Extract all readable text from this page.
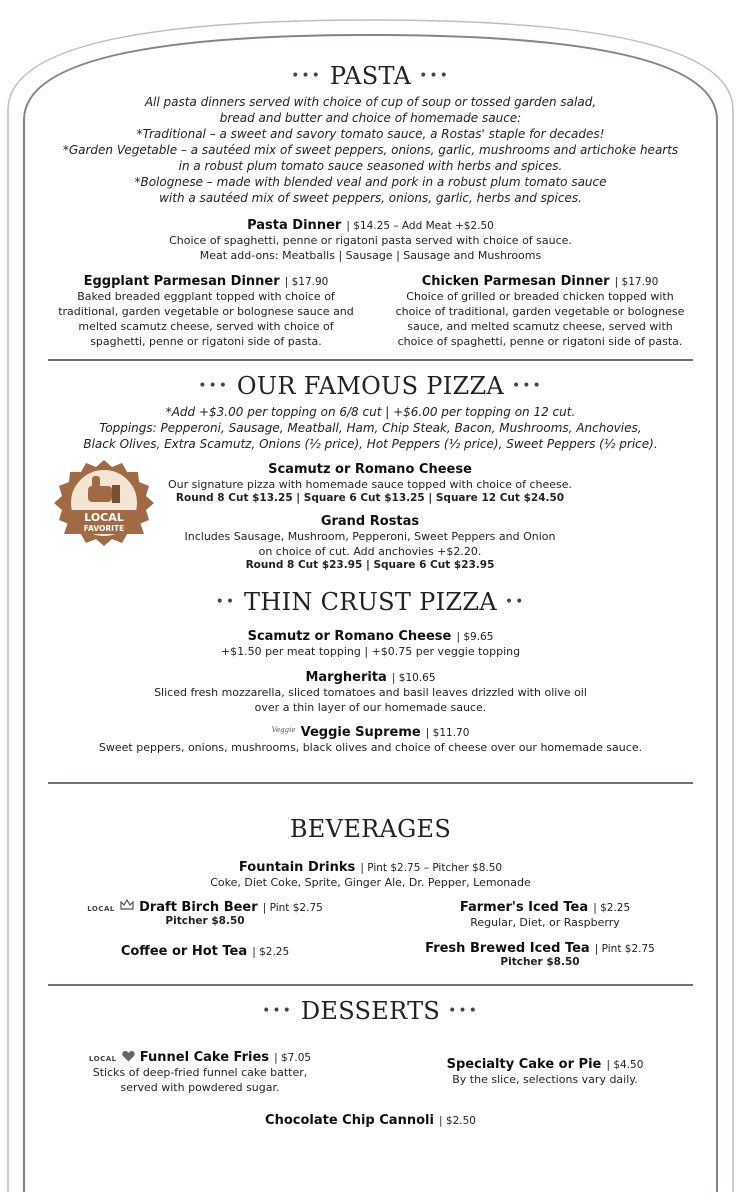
••• PASTA •••
All pasta dinners served with choice of cup of soup or tossed garden salad,
bread and butter and choice of homemade sauce:
*Traditional – a sweet and savory tomato sauce, a Rostas' staple for decades!
*Garden Vegetable – a sautéed mix of sweet peppers, onions, garlic, mushrooms and artichoke hearts
in a robust plum tomato sauce seasoned with herbs and spices.
*Bolognese – made with blended veal and pork in a robust plum tomato sauce
with a sautéed mix of sweet peppers, onions, garlic, herbs and spices.
Pasta Dinner | $14.25 – Add Meat +$2.50
Choice of spaghetti, penne or rigatoni pasta served with choice of sauce.
Meat add-ons: Meatballs | Sausage | Sausage and Mushrooms
Eggplant Parmesan Dinner | $17.90
Baked breaded eggplant topped with choice of
traditional, garden vegetable or bolognese sauce and
melted scamutz cheese, served with choice of
spaghetti, penne or rigatoni side of pasta.
Chicken Parmesan Dinner | $17.90
Choice of grilled or breaded chicken topped with
choice of traditional, garden vegetable or bolognese
sauce, and melted scamutz cheese, served with
choice of spaghetti, penne or rigatoni side of pasta.
••• OUR FAMOUS PIZZA •••
*Add +$3.00 per topping on 6/8 cut | +$6.00 per topping on 12 cut.
Toppings: Pepperoni, Sausage, Meatball, Ham, Chip Steak, Bacon, Mushrooms, Anchovies,
Black Olives, Extra Scamutz, Onions (½ price), Hot Peppers (½ price), Sweet Peppers (½ price).
LOCAL
FAVORITE
Scamutz or Romano Cheese
Our signature pizza with homemade sauce topped with choice of cheese.
Round 8 Cut $13.25 | Square 6 Cut $13.25 | Square 12 Cut $24.50
Grand Rostas
Includes Sausage, Mushroom, Pepperoni, Sweet Peppers and Onion
on choice of cut. Add anchovies +$2.20.
Round 8 Cut $23.95 | Square 6 Cut $23.95
•• THIN CRUST PIZZA ••
Scamutz or Romano Cheese | $9.65
+$1.50 per meat topping | +$0.75 per veggie topping
Margherita | $10.65
Sliced fresh mozzarella, sliced tomatoes and basil leaves drizzled with olive oil
over a thin layer of our homemade sauce.
$^{Veggie}$ Veggie Supreme | $11.70
Sweet peppers, onions, mushrooms, black olives and choice of cheese over our homemade sauce.
BEVERAGES
Fountain Drinks | Pint $2.75 – Pitcher $8.50
Coke, Diet Coke, Sprite, Ginger Ale, Dr. Pepper, Lemonade
LOCAL Draft Birch Beer | Pint $2.75
Pitcher $8.50
Farmer's Iced Tea | $2.25
Regular, Diet, or Raspberry
Coffee or Hot Tea | $2.25	Fresh Brewed Iced Tea | Pint $2.75
Pitcher $8.50
••• DESSERTS •••
LOCAL Funnel Cake Fries | $7.05
Sticks of deep-fried funnel cake batter,
served with powdered sugar.
Specialty Cake or Pie | $4.50
By the slice, selections vary daily.
Chocolate Chip Cannoli | $2.50
